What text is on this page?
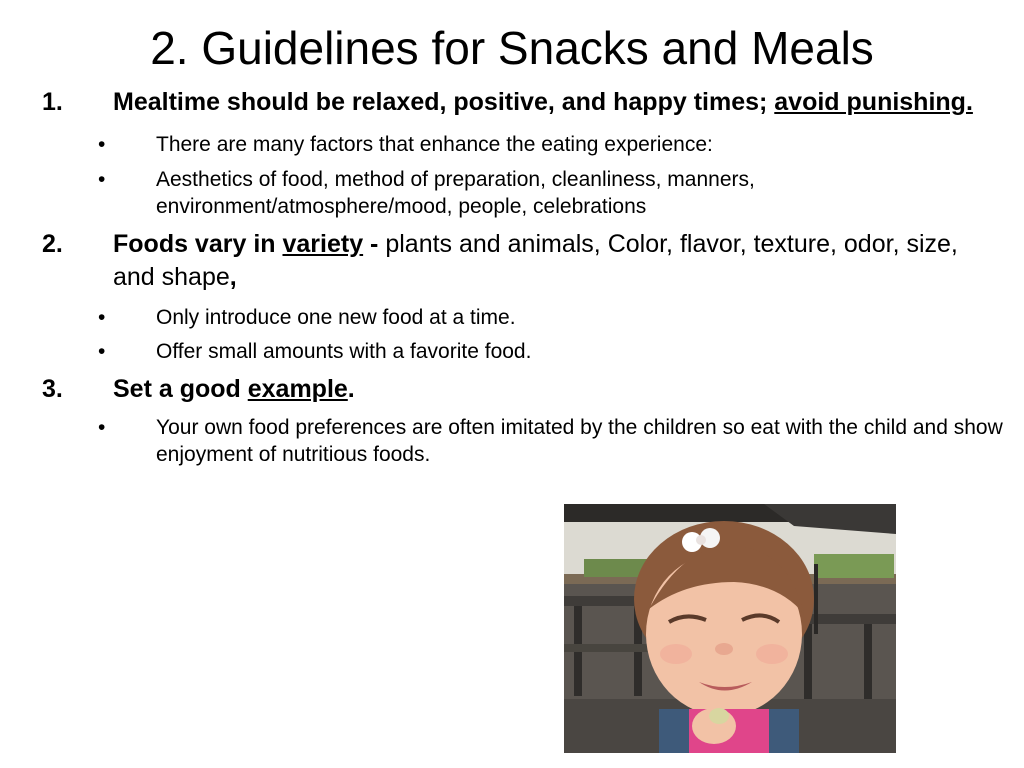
2. Guidelines for Snacks and Meals
1.	Mealtime should be relaxed, positive, and happy times; avoid punishing.
• There are many factors that enhance the eating experience:
• Aesthetics of food, method of preparation, cleanliness, manners, environment/atmosphere/mood, people, celebrations
2.	Foods vary in variety - plants and animals, Color, flavor, texture, odor, size, and shape,
• Only introduce one new food at a time.
• Offer small amounts with a favorite food.
3.	Set a good example.
• Your own food preferences are often imitated by the children so eat with the child and show enjoyment of nutritious foods.
